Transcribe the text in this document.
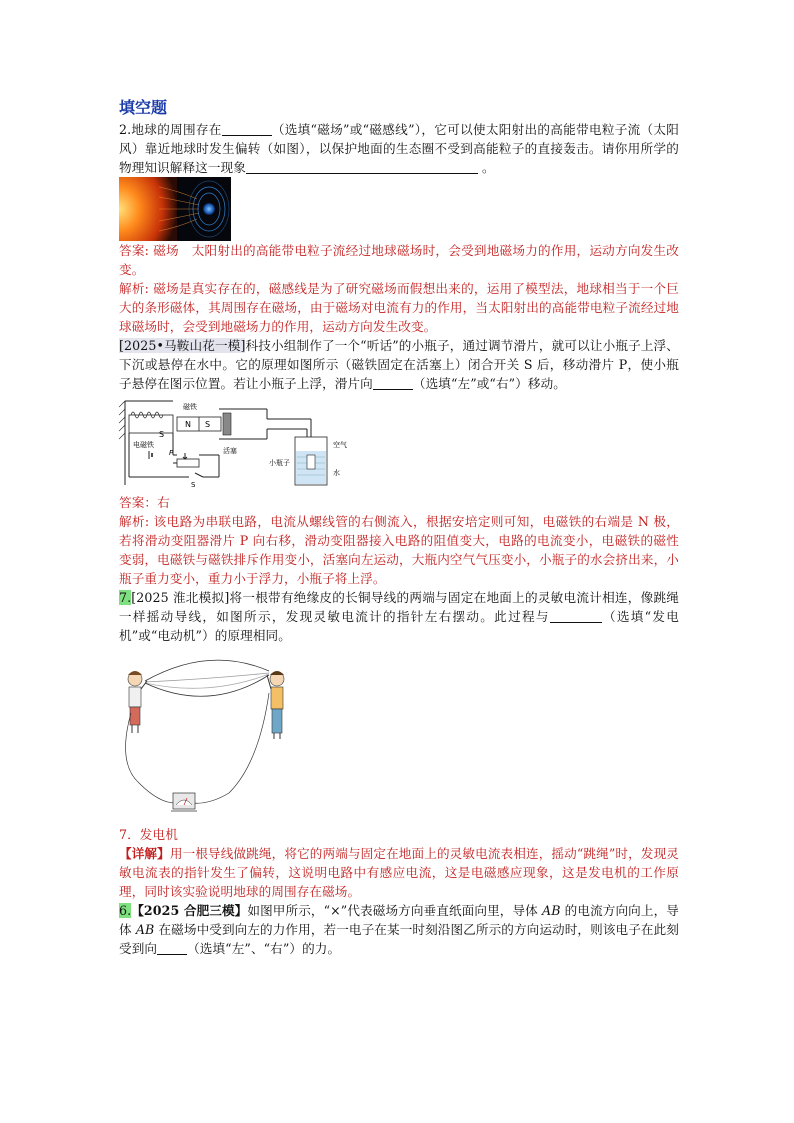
填空题

2.地球的周围存在	（选填“磁场”或“磁感线”），它可以使太阳射出的高能带电粒子流（太阳风）靠近地球时发生偏转（如图），以保护地面的生态圈不受到高能粒子的直接轰击。请你用所学的物理知识解释这一现象	。

答案: 磁场　太阳射出的高能带电粒子流经过地球磁场时，会受到地磁场力的作用，运动方向发生改变。

解析: 磁场是真实存在的，磁感线是为了研究磁场而假想出来的，运用了模型法，地球相当于一个巨大的条形磁体，其周围存在磁场，由于磁场对电流有力的作用，当太阳射出的高能带电粒子流经过地球磁场时，会受到地磁场力的作用，运动方向发生改变。

[2025•马鞍山花一模]科技小组制作了一个“听话”的小瓶子，通过调节滑片，就可以让小瓶子上浮、下沉或悬停在水中。它的原理如图所示（磁铁固定在活塞上）闭合开关 S 后，移动滑片 P，使小瓶子悬停在图示位置。若让小瓶子上浮，滑片向	（选填“左”或“右”）移动。

电磁铁
磁铁
N S
活塞
空气
水
小瓶子
S
P
S

答案：右

解析: 该电路为串联电路，电流从螺线管的右侧流入，根据安培定则可知，电磁铁的右端是 N 极，若将滑动变阻器滑片 P 向右移，滑动变阻器接入电路的阻值变大，电路的电流变小，电磁铁的磁性变弱，电磁铁与磁铁排斥作用变小，活塞向左运动，大瓶内空气气压变小，小瓶子的水会挤出来，小瓶子重力变小，重力小于浮力，小瓶子将上浮。

7.[2025 淮北模拟]将一根带有绝缘皮的长铜导线的两端与固定在地面上的灵敏电流计相连，像跳绳一样摇动导线，如图所示，发现灵敏电流计的指针左右摆动。此过程与	（选填“发电机”或“电动机”）的原理相同。

7．发电机

【详解】用一根导线做跳绳，将它的两端与固定在地面上的灵敏电流表相连，摇动“跳绳”时，发现灵敏电流表的指针发生了偏转，这说明电路中有感应电流，这是电磁感应现象，这是发电机的工作原理，同时该实验说明地球的周围存在磁场。

6.【2025 合肥三模】如图甲所示，“×”代表磁场方向垂直纸面向里，导体 AB 的电流方向向上，导体 AB 在磁场中受到向左的力作用，若一电子在某一时刻沿图乙所示的方向运动时，则该电子在此刻受到向 （选填“左”、“右”）的力。
